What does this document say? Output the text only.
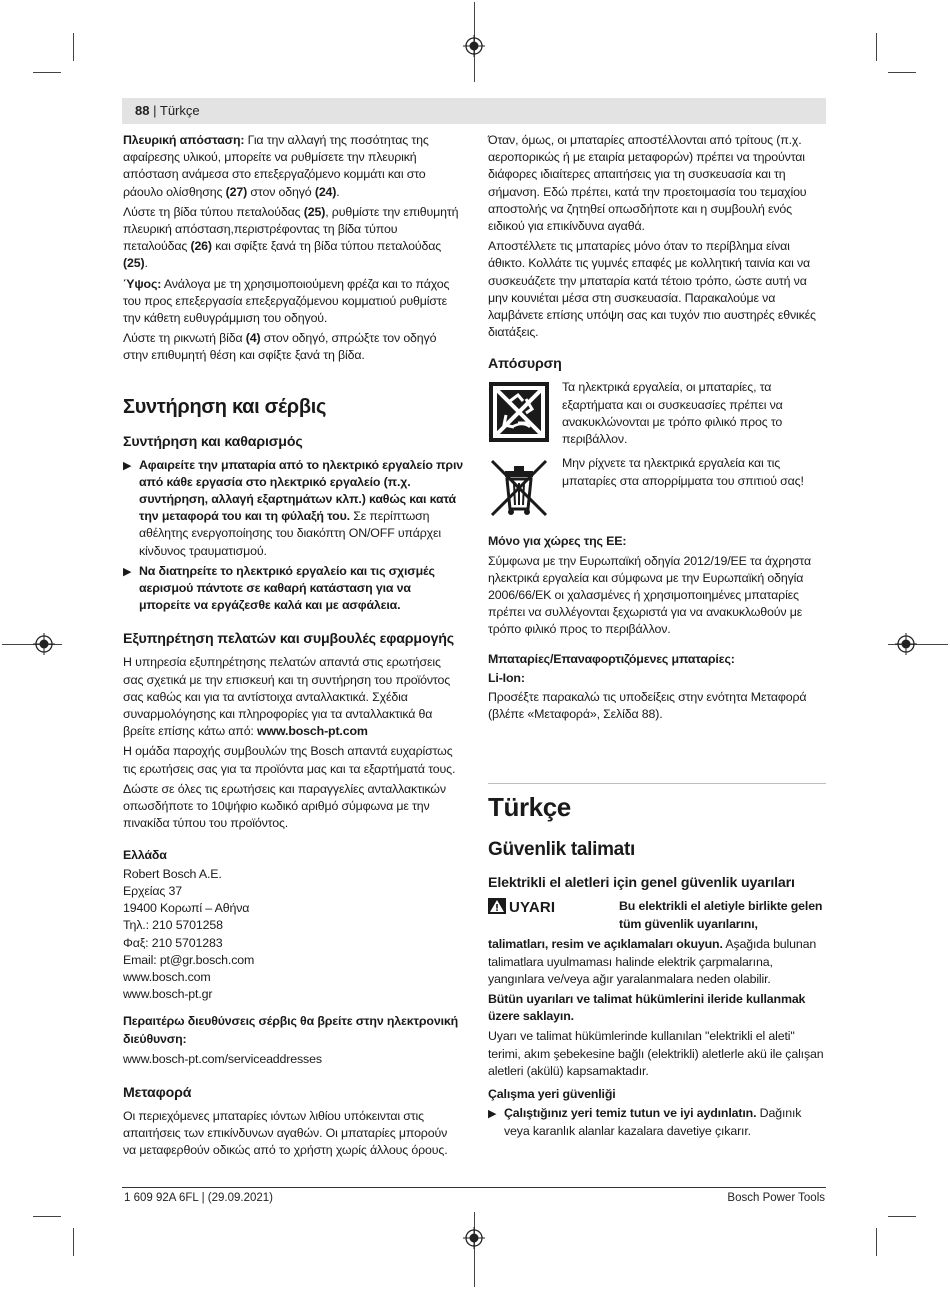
88 | Türkçe

Πλευρική απόσταση: Για την αλλαγή της ποσότητας της αφαίρεσης υλικού, μπορείτε να ρυθμίσετε την πλευρική απόσταση ανάμεσα στο επεξεργαζόμενο κομμάτι και στο ράουλο ολίσθησης (27) στον οδηγό (24).

Λύστε τη βίδα τύπου πεταλούδας (25), ρυθμίστε την επιθυμητή πλευρική απόσταση,περιστρέφοντας τη βίδα τύπου πεταλούδας (26) και σφίξτε ξανά τη βίδα τύπου πεταλούδας (25).

Ύψος: Ανάλογα με τη χρησιμοποιούμενη φρέζα και το πάχος του προς επεξεργασία επεξεργαζόμενου κομματιού ρυθμίστε την κάθετη ευθυγράμμιση του οδηγού.

Λύστε τη ρικνωτή βίδα (4) στον οδηγό, σπρώξτε τον οδηγό στην επιθυμητή θέση και σφίξτε ξανά τη βίδα.

Συντήρηση και σέρβις

Συντήρηση και καθαρισμός

▶ Αφαιρείτε την μπαταρία από το ηλεκτρικό εργαλείο πριν από κάθε εργασία στο ηλεκτρικό εργαλείο (π.χ. συντήρηση, αλλαγή εξαρτημάτων κλπ.) καθώς και κατά την μεταφορά του και τη φύλαξή του. Σε περίπτωση αθέλητης ενεργοποίησης του διακόπτη ON/OFF υπάρχει κίνδυνος τραυματισμού.

▶ Να διατηρείτε το ηλεκτρικό εργαλείο και τις σχισμές αερισμού πάντοτε σε καθαρή κατάσταση για να μπορείτε να εργάζεσθε καλά και με ασφάλεια.

Εξυπηρέτηση πελατών και συμβουλές εφαρμογής

Η υπηρεσία εξυπηρέτησης πελατών απαντά στις ερωτήσεις σας σχετικά με την επισκευή και τη συντήρηση του προϊόντος σας καθώς και για τα αντίστοιχα ανταλλακτικά. Σχέδια συναρμολόγησης και πληροφορίες για τα ανταλλακτικά θα βρείτε επίσης κάτω από: www.bosch-pt.com

Η ομάδα παροχής συμβουλών της Bosch απαντά ευχαρίστως τις ερωτήσεις σας για τα προϊόντα μας και τα εξαρτήματά τους.

Δώστε σε όλες τις ερωτήσεις και παραγγελίες ανταλλακτικών οπωσδήποτε το 10ψήφιο κωδικό αριθμό σύμφωνα με την πινακίδα τύπου του προϊόντος.

Ελλάδα

Robert Bosch A.E.

Ερχείας 37

19400 Κορωπί – Αθήνα

Τηλ.: 210 5701258

Φαξ: 210 5701283

Email: pt@gr.bosch.com

www.bosch.com

www.bosch-pt.gr

Περαιτέρω διευθύνσεις σέρβις θα βρείτε στην ηλεκτρονική διεύθυνση:

www.bosch-pt.com/serviceaddresses

Μεταφορά

Οι περιεχόμενες μπαταρίες ιόντων λιθίου υπόκεινται στις απαιτήσεις των επικίνδυνων αγαθών. Οι μπαταρίες μπορούν να μεταφερθούν οδικώς από το χρήστη χωρίς άλλους όρους.

Όταν, όμως, οι μπαταρίες αποστέλλονται από τρίτους (π.χ. αεροπορικώς ή με εταιρία μεταφορών) πρέπει να τηρούνται διάφορες ιδιαίτερες απαιτήσεις για τη συσκευασία και τη σήμανση. Εδώ πρέπει, κατά την προετοιμασία του τεμαχίου αποστολής να ζητηθεί οπωσδήποτε και η συμβουλή ενός ειδικού για επικίνδυνα αγαθά.

Αποστέλλετε τις μπαταρίες μόνο όταν το περίβλημα είναι άθικτο. Κολλάτε τις γυμνές επαφές με κολλητική ταινία και να συσκευάζετε την μπαταρία κατά τέτοιο τρόπο, ώστε αυτή να μην κουνιέται μέσα στη συσκευασία. Παρακαλούμε να λαμβάνετε επίσης υπόψη σας και τυχόν πιο αυστηρές εθνικές διατάξεις.

Απόσυρση

Τα ηλεκτρικά εργαλεία, οι μπαταρίες, τα εξαρτήματα και οι συσκευασίες πρέπει να ανακυκλώνονται με τρόπο φιλικό προς το περιβάλλον.
Μην ρίχνετε τα ηλεκτρικά εργαλεία και τις μπαταρίες στα απορρίμματα του σπιτιού σας!

Μόνο για χώρες της ΕΕ:

Σύμφωνα με την Ευρωπαϊκή οδηγία 2012/19/ΕΕ τα άχρηστα ηλεκτρικά εργαλεία και σύμφωνα με την Ευρωπαϊκή οδηγία 2006/66/ΕΚ οι χαλασμένες ή χρησιμοποιημένες μπαταρίες πρέπει να συλλέγονται ξεχωριστά για να ανακυκλωθούν με τρόπο φιλικό προς το περιβάλλον.

Μπαταρίες/Επαναφορτιζόμενες μπαταρίες:

Li-Ion:

Προσέξτε παρακαλώ τις υποδείξεις στην ενότητα Μεταφορά (βλέπε «Μεταφορά», Σελίδα 88).

Türkçe

Güvenlik talimatı

Elektrikli el aletleri için genel güvenlik uyarıları

UYARI	Bu elektrikli el aletiyle birlikte gelen tüm güvenlik uyarılarını,

talimatları, resim ve açıklamaları okuyun. Aşağıda bulunan talimatlara uyulmaması halinde elektrik çarpmalarına, yangınlara ve/veya ağır yaralanmalara neden olabilir.

Bütün uyarıları ve talimat hükümlerini ileride kullanmak üzere saklayın.

Uyarı ve talimat hükümlerinde kullanılan "elektrikli el aleti" terimi, akım şebekesine bağlı (elektrikli) aletlerle akü ile çalışan aletleri (akülü) kapsamaktadır.

Çalışma yeri güvenliği

▶ Çalıştığınız yeri temiz tutun ve iyi aydınlatın. Dağınık veya karanlık alanlar kazalara davetiye çıkarır.

1 609 92A 6FL | (29.09.2021)	Bosch Power Tools
